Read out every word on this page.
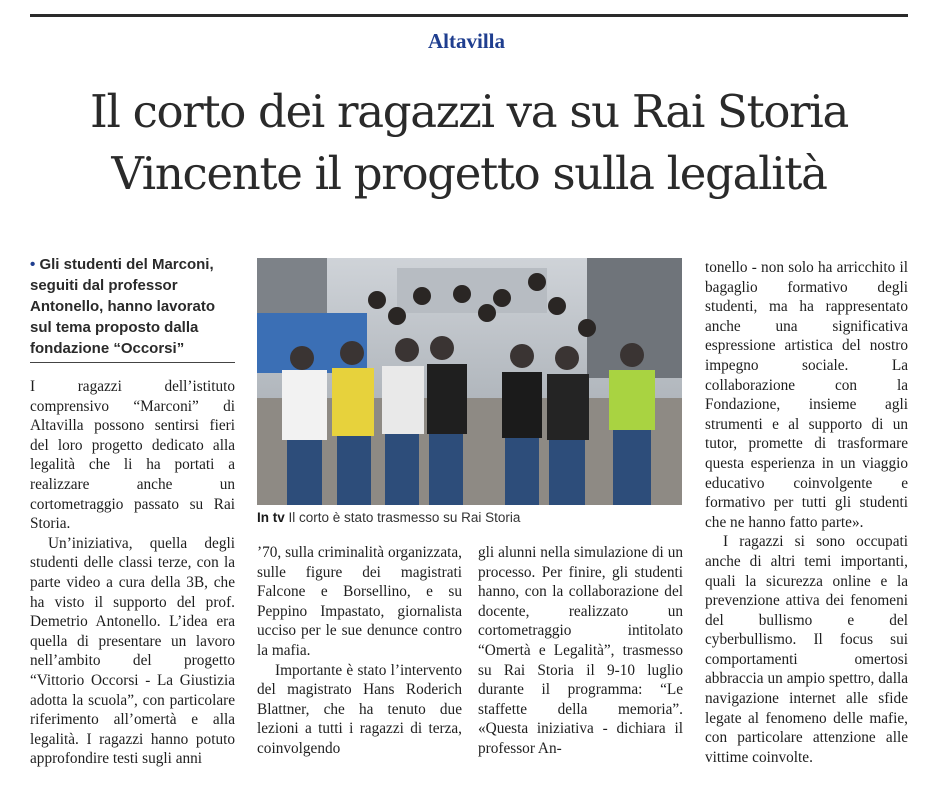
Altavilla
Il corto dei ragazzi va su Rai Storia
Vincente il progetto sulla legalità
• Gli studenti del Marconi, seguiti dal professor Antonello, hanno lavorato sul tema proposto dalla fondazione “Occorsi”

I ragazzi dell’istituto comprensivo “Marconi” di Altavilla possono sentirsi fieri del loro progetto dedicato alla legalità che li ha portati a realizzare anche un cortometraggio passato su Rai Storia.

Un’iniziativa, quella degli studenti delle classi terze, con la parte video a cura della 3B, che ha visto il supporto del prof. Demetrio Antonello. L’idea era quella di presentare un lavoro nell’ambito del progetto “Vittorio Occorsi - La Giustizia adotta la scuola”, con particolare riferimento all’omertà e alla legalità. I ragazzi hanno potuto approfondire testi sugli anni

In tv Il corto è stato trasmesso su Rai Storia

’70, sulla criminalità organizzata, sulle figure dei magistrati Falcone e Borsellino, e su Peppino Impastato, giornalista ucciso per le sue denunce contro la mafia.

Importante è stato l’intervento del magistrato Hans Roderich Blattner, che ha tenuto due lezioni a tutti i ragazzi di terza, coinvolgendo

gli alunni nella simulazione di un processo. Per finire, gli studenti hanno, con la collaborazione del docente, realizzato un cortometraggio intitolato “Omertà e Legalità”, trasmesso su Rai Storia il 9-10 luglio durante il programma: “Le staffette della memoria”. «Questa iniziativa - dichiara il professor An-

tonello - non solo ha arricchito il bagaglio formativo degli studenti, ma ha rappresentato anche una significativa espressione artistica del nostro impegno sociale. La collaborazione con la Fondazione, insieme agli strumenti e al supporto di un tutor, promette di trasformare questa esperienza in un viaggio educativo coinvolgente e formativo per tutti gli studenti che ne hanno fatto parte».

I ragazzi si sono occupati anche di altri temi importanti, quali la sicurezza online e la prevenzione attiva dei fenomeni del bullismo e del cyberbullismo. Il focus sui comportamenti omertosi abbraccia un ampio spettro, dalla navigazione internet alle sfide legate al fenomeno delle mafie, con particolare attenzione alle vittime coinvolte.
